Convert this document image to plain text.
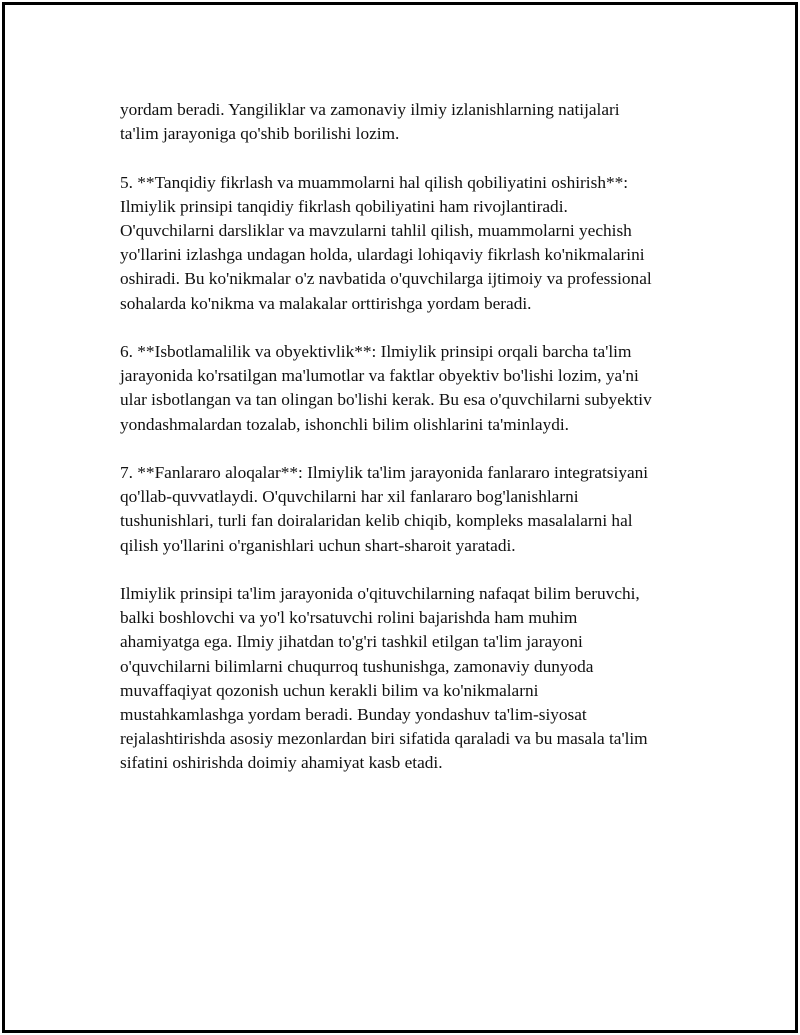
yordam beradi. Yangiliklar va zamonaviy ilmiy izlanishlarning natijalari
ta'lim jarayoniga qo'shib borilishi lozim.

5. **Tanqidiy fikrlash va muammolarni hal qilish qobiliyatini oshirish**:
Ilmiylik prinsipi tanqidiy fikrlash qobiliyatini ham rivojlantiradi.
O'quvchilarni darsliklar va mavzularni tahlil qilish, muammolarni yechish
yo'llarini izlashga undagan holda, ulardagi lohiqaviy fikrlash ko'nikmalarini
oshiradi. Bu ko'nikmalar o'z navbatida o'quvchilarga ijtimoiy va professional
sohalarda ko'nikma va malakalar orttirishga yordam beradi.

6. **Isbotlamalilik va obyektivlik**: Ilmiylik prinsipi orqali barcha ta'lim
jarayonida ko'rsatilgan ma'lumotlar va faktlar obyektiv bo'lishi lozim, ya'ni
ular isbotlangan va tan olingan bo'lishi kerak. Bu esa o'quvchilarni subyektiv
yondashmalardan tozalab, ishonchli bilim olishlarini ta'minlaydi.

7. **Fanlararo aloqalar**: Ilmiylik ta'lim jarayonida fanlararo integratsiyani
qo'llab-quvvatlaydi. O'quvchilarni har xil fanlararo bog'lanishlarni
tushunishlari, turli fan doiralaridan kelib chiqib, kompleks masalalarni hal
qilish yo'llarini o'rganishlari uchun shart-sharoit yaratadi.

Ilmiylik prinsipi ta'lim jarayonida o'qituvchilarning nafaqat bilim beruvchi,
balki boshlovchi va yo'l ko'rsatuvchi rolini bajarishda ham muhim
ahamiyatga ega. Ilmiy jihatdan to'g'ri tashkil etilgan ta'lim jarayoni
o'quvchilarni bilimlarni chuqurroq tushunishga, zamonaviy dunyoda
muvaffaqiyat qozonish uchun kerakli bilim va ko'nikmalarni
mustahkamlashga yordam beradi. Bunday yondashuv ta'lim-siyosat
rejalashtirishda asosiy mezonlardan biri sifatida qaraladi va bu masala ta'lim
sifatini oshirishda doimiy ahamiyat kasb etadi.
